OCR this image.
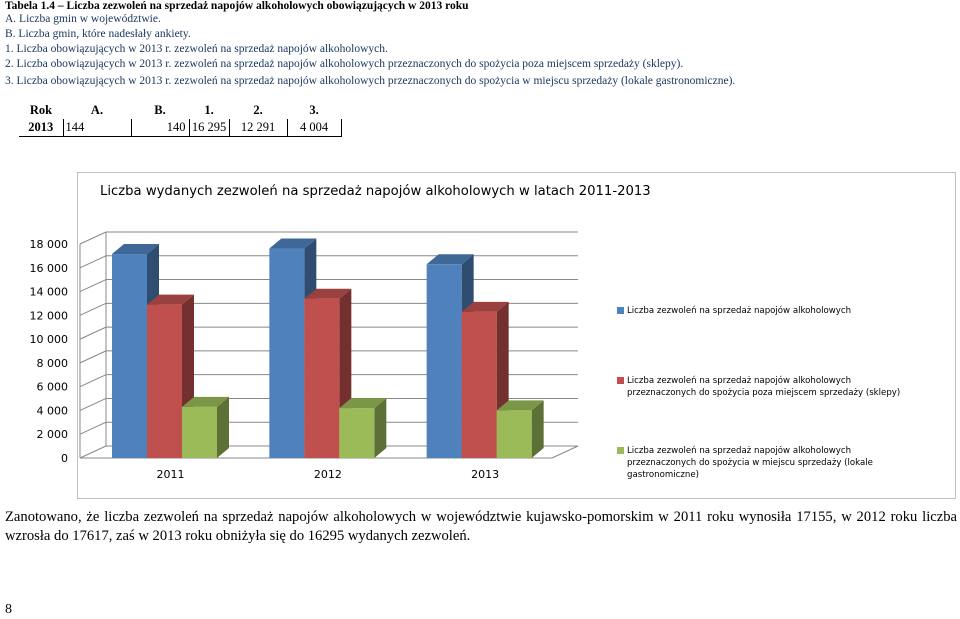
Tabela 1.4 – Liczba zezwoleń na sprzedaż napojów alkoholowych obowiązujących w 2013 roku
A. Liczba gmin w województwie.
B. Liczba gmin, które nadesłały ankiety.
1. Liczba obowiązujących w 2013 r. zezwoleń na sprzedaż napojów alkoholowych.
2. Liczba obowiązujących w 2013 r. zezwoleń na sprzedaż napojów alkoholowych przeznaczonych do spożycia poza miejscem sprzedaży (sklepy).
3. Liczba obowiązujących w 2013 r. zezwoleń na sprzedaż napojów alkoholowych przeznaczonych do spożycia w miejscu sprzedaży (lokale gastronomiczne).
Rok	A.	B.	1.	2.	3.
2013	144	140	16 295	12 291	4 004
Liczba wydanych zezwoleń na sprzedaż napojów alkoholowych w latach 2011-2013
0
2 000
4 000
6 000
8 000
10 000
12 000
14 000
16 000
18 000
2011	2012	2013
Liczba zezwoleń na sprzedaż napojów alkoholowych
Liczba zezwoleń na sprzedaż napojów alkoholowych przeznaczonych do spożycia poza miejscem sprzedaży (sklepy)
Liczba zezwoleń na sprzedaż napojów alkoholowych przeznaczonych do spożycia w miejscu sprzedaży (lokale gastronomiczne)
Zanotowano, że liczba zezwoleń na sprzedaż napojów alkoholowych w województwie kujawsko-pomorskim w 2011 roku wynosiła 17155, w 2012 roku liczba wzrosła do 17617, zaś w 2013 roku obniżyła się do 16295 wydanych zezwoleń.
8
